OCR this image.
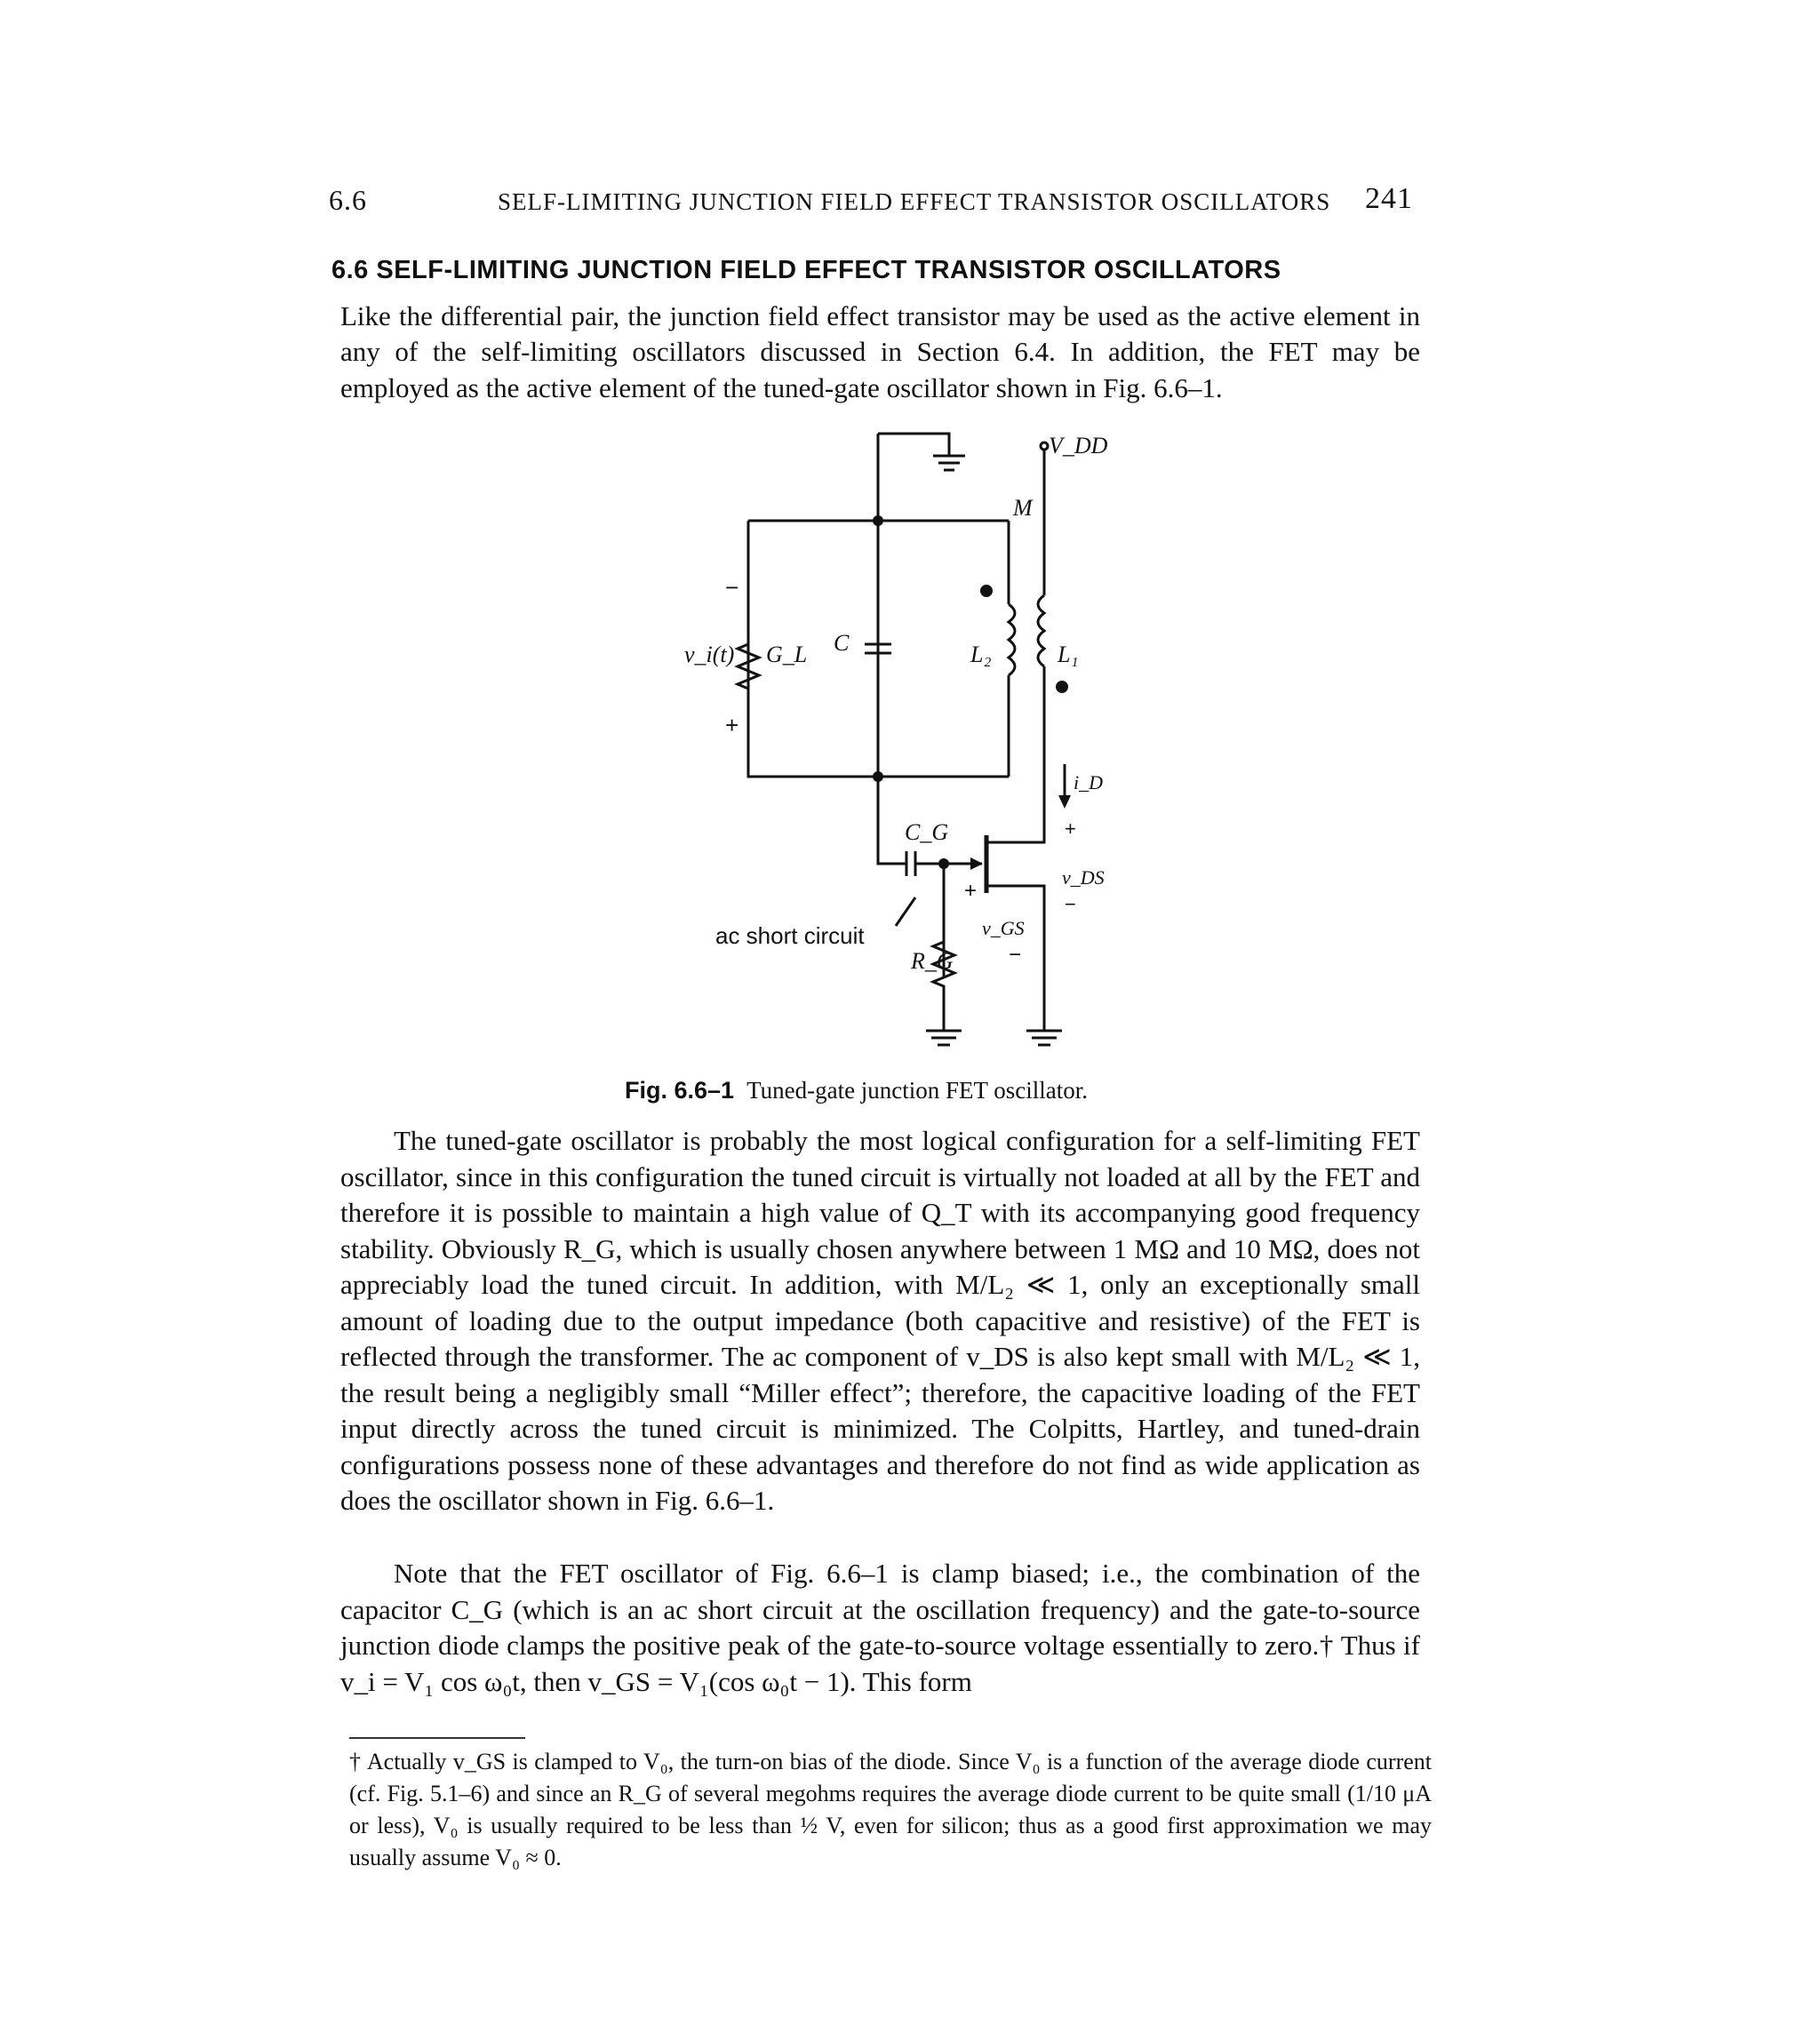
6.6	SELF-LIMITING JUNCTION FIELD EFFECT TRANSISTOR OSCILLATORS 241
6.6 SELF-LIMITING JUNCTION FIELD EFFECT TRANSISTOR OSCILLATORS
Like the differential pair, the junction field effect transistor may be used as the active element in any of the self-limiting oscillators discussed in Section 6.4. In addition, the FET may be employed as the active element of the tuned-gate oscillator shown in Fig. 6.6–1.
V_DD
M
v_i(t) G_L C	L₂	L₁
i_D
C_G
v_DS
v_GS
R_G
−
+
+
−
+
−
ac short circuit
Fig. 6.6–1 Tuned-gate junction FET oscillator.
The tuned-gate oscillator is probably the most logical configuration for a self-limiting FET oscillator, since in this configuration the tuned circuit is virtually not loaded at all by the FET and therefore it is possible to maintain a high value of Q_T with its accompanying good frequency stability. Obviously R_G, which is usually chosen anywhere between 1 MΩ and 10 MΩ, does not appreciably load the tuned circuit. In addition, with M/L₂ ≪ 1, only an exceptionally small amount of loading due to the output impedance (both capacitive and resistive) of the FET is reflected through the transformer. The ac component of v_DS is also kept small with M/L₂ ≪ 1, the result being a negligibly small “Miller effect”; therefore, the capacitive loading of the FET input directly across the tuned circuit is minimized. The Colpitts, Hartley, and tuned-drain configurations possess none of these advantages and therefore do not find as wide application as does the oscillator shown in Fig. 6.6–1.
Note that the FET oscillator of Fig. 6.6–1 is clamp biased; i.e., the combination of the capacitor C_G (which is an ac short circuit at the oscillation frequency) and the gate-to-source junction diode clamps the positive peak of the gate-to-source voltage essentially to zero.† Thus if v_i = V₁ cos ω₀t, then v_GS = V₁(cos ω₀t − 1). This form
† Actually v_GS is clamped to V₀, the turn-on bias of the diode. Since V₀ is a function of the average diode current (cf. Fig. 5.1–6) and since an R_G of several megohms requires the average diode current to be quite small (1/10 μA or less), V₀ is usually required to be less than ½ V, even for silicon; thus as a good first approximation we may usually assume V₀ ≈ 0.
